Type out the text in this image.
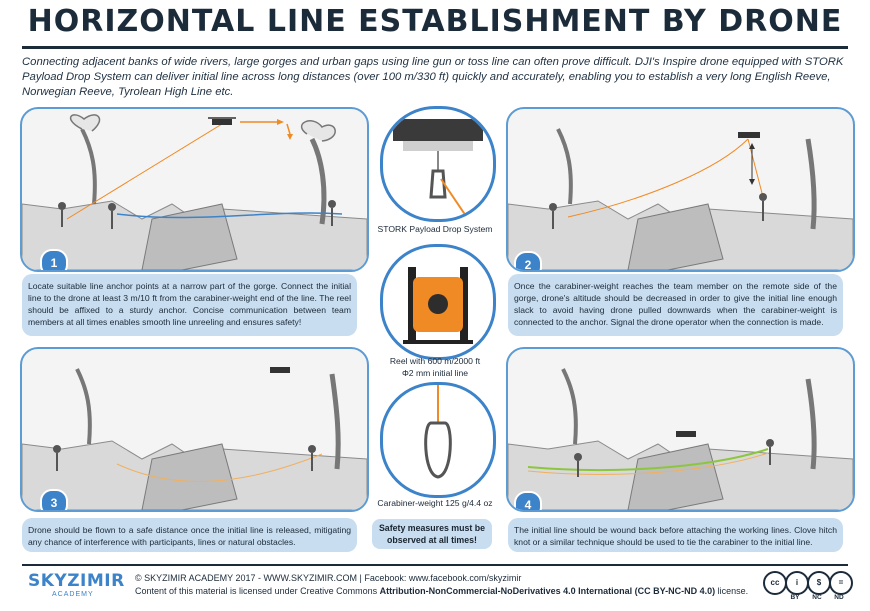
HORIZONTAL LINE ESTABLISHMENT BY DRONE
Connecting adjacent banks of wide rivers, large gorges and urban gaps using line gun or toss line can often prove difficult. DJI's Inspire drone equipped with STORK Payload Drop System can deliver initial line across long distances (over 100 m/330 ft) quickly and accurately, enabling you to establish a very long English Reeve, Norwegian Reeve, Tyrolean High Line etc.
1
Locate suitable line anchor points at a narrow part of the gorge. Connect the initial line to the drone at least 3 m/10 ft from the carabiner-weight end of the line. The reel should be affixed to a sturdy anchor. Concise communication between team members at all times enables smooth line unreeling and ensures safety!
2
Once the carabiner-weight reaches the team member on the remote side of the gorge, drone's altitude should be decreased in order to give the initial line enough slack to avoid having drone pulled downwards when the carabiner-weight is connected to the anchor. Signal the drone operator when the connection is made.
3
Drone should be flown to a safe distance once the initial line is released, mitigating any chance of interference with participants, lines or natural obstacles.
4
The initial line should be wound back before attaching the working lines. Clove hitch knot or a similar technique should be used to tie the carabiner to the initial line.
STORK Payload Drop System
Reel with 600 m/2000 ft
Φ2 mm initial line
Carabiner-weight 125 g/4.4 oz
Safety measures must be observed at all times!
SKYZIMIR
ACADEMY
© SKYZIMIR ACADEMY 2017 - WWW.SKYZIMIR.COM | Facebook: www.facebook.com/skyzimir
Content of this material is licensed under Creative Commons Attribution-NonCommercial-NoDerivatives 4.0 International (CC BY-NC-ND 4.0) license.
cc	i
BY
$
NC
=
ND
